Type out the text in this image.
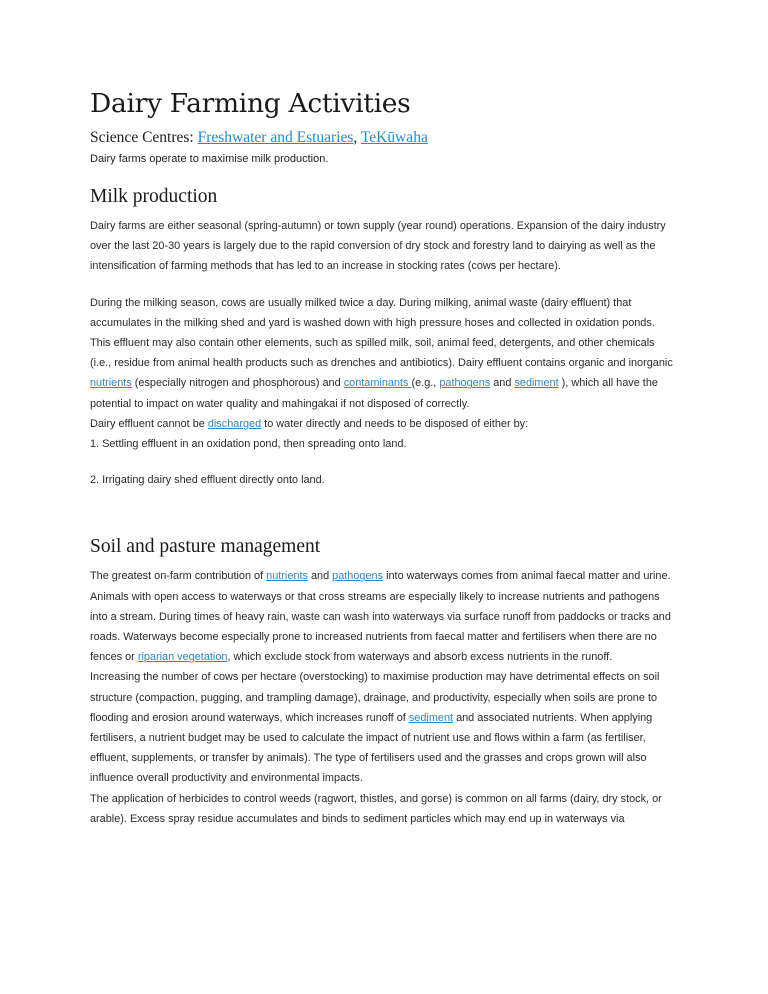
Dairy Farming Activities
Science Centres: Freshwater and Estuaries, TeKūwaha
Dairy farms operate to maximise milk production.
Milk production

Dairy farms are either seasonal (spring-autumn) or town supply (year round) operations. Expansion of the dairy industry over the last 20-30 years is largely due to the rapid conversion of dry stock and forestry land to dairying as well as the intensification of farming methods that has led to an increase in stocking rates (cows per hectare).

During the milking season, cows are usually milked twice a day. During milking, animal waste (dairy effluent) that accumulates in the milking shed and yard is washed down with high pressure hoses and collected in oxidation ponds. This effluent may also contain other elements, such as spilled milk, soil, animal feed, detergents, and other chemicals (i.e., residue from animal health products such as drenches and antibiotics). Dairy effluent contains organic and inorganic nutrients (especially nitrogen and phosphorous) and contaminants (e.g., pathogens and sediment ), which all have the potential to impact on water quality and mahingakai if not disposed of correctly.

Dairy effluent cannot be discharged to water directly and needs to be disposed of either by:

1. Settling effluent in an oxidation pond, then spreading onto land.

2. Irrigating dairy shed effluent directly onto land.

Soil and pasture management

The greatest on-farm contribution of nutrients and pathogens into waterways comes from animal faecal matter and urine. Animals with open access to waterways or that cross streams are especially likely to increase nutrients and pathogens into a stream. During times of heavy rain, waste can wash into waterways via surface runoff from paddocks or tracks and roads. Waterways become especially prone to increased nutrients from faecal matter and fertilisers when there are no fences or riparian vegetation, which exclude stock from waterways and absorb excess nutrients in the runoff.

Increasing the number of cows per hectare (overstocking) to maximise production may have detrimental effects on soil structure (compaction, pugging, and trampling damage), drainage, and productivity, especially when soils are prone to flooding and erosion around waterways, which increases runoff of sediment and associated nutrients. When applying fertilisers, a nutrient budget may be used to calculate the impact of nutrient use and flows within a farm (as fertiliser, effluent, supplements, or transfer by animals). The type of fertilisers used and the grasses and crops grown will also influence overall productivity and environmental impacts.

The application of herbicides to control weeds (ragwort, thistles, and gorse) is common on all farms (dairy, dry stock, or arable). Excess spray residue accumulates and binds to sediment particles which may end up in waterways via
